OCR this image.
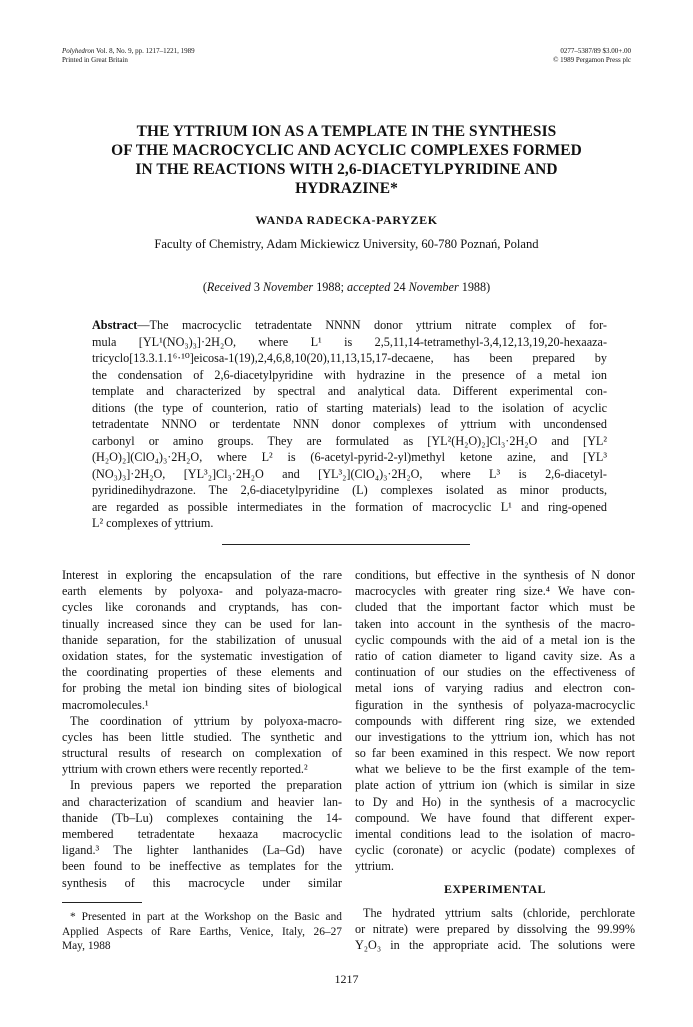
Polyhedron Vol. 8, No. 9, pp. 1217–1221, 1989
Printed in Great Britain
0277–5387/89 $3.00+.00
© 1989 Pergamon Press plc
THE YTTRIUM ION AS A TEMPLATE IN THE SYNTHESIS
OF THE MACROCYCLIC AND ACYCLIC COMPLEXES FORMED
IN THE REACTIONS WITH 2,6-DIACETYLPYRIDINE AND
HYDRAZINE*
WANDA RADECKA-PARYZEK
Faculty of Chemistry, Adam Mickiewicz University, 60-780 Poznań, Poland
(Received 3 November 1988; accepted 24 November 1988)
Abstract—The macrocyclic tetradentate NNNN donor yttrium nitrate complex of for-
mula [YL¹(NO₃)₃]·2H₂O, where L¹ is 2,5,11,14-tetramethyl-3,4,12,13,19,20-hexaaza-
tricyclo[13.3.1.1⁶·¹⁰]eicosa-1(19),2,4,6,8,10(20),11,13,15,17-decaene, has been prepared by
the condensation of 2,6-diacetylpyridine with hydrazine in the presence of a metal ion
template and characterized by spectral and analytical data. Different experimental con-
ditions (the type of counterion, ratio of starting materials) lead to the isolation of acyclic
tetradentate NNNO or terdentate NNN donor complexes of yttrium with uncondensed
carbonyl or amino groups. They are formulated as [YL²(H₂O)₂]Cl₃·2H₂O and [YL²
(H₂O)₂](ClO₄)₃·2H₂O, where L² is (6-acetyl-pyrid-2-yl)methyl ketone azine, and [YL³
(NO₃)₃]·2H₂O, [YL³₂]Cl₃·2H₂O and [YL³₂](ClO₄)₃·2H₂O, where L³ is 2,6-diacetyl-
pyridinedihydrazone. The 2,6-diacetylpyridine (L) complexes isolated as minor products,
are regarded as possible intermediates in the formation of macrocyclic L¹ and ring-opened
L² complexes of yttrium.
Interest in exploring the encapsulation of the rare
earth elements by polyoxa- and polyaza-macro-
cycles like coronands and cryptands, has con-
tinually increased since they can be used for lan-
thanide separation, for the stabilization of unusual
oxidation states, for the systematic investigation of
the coordinating properties of these elements and
for probing the metal ion binding sites of biological
macromolecules.¹
The coordination of yttrium by polyoxa-macro-
cycles has been little studied. The synthetic and
structural results of research on complexation of
yttrium with crown ethers were recently reported.²
In previous papers we reported the preparation
and characterization of scandium and heavier lan-
thanide (Tb–Lu) complexes containing the 14-
membered tetradentate hexaaza macrocyclic
ligand.³ The lighter lanthanides (La–Gd) have
been found to be ineffective as templates for the
synthesis of this macrocycle under similar
conditions, but effective in the synthesis of N donor
macrocycles with greater ring size.⁴ We have con-
cluded that the important factor which must be
taken into account in the synthesis of the macro-
cyclic compounds with the aid of a metal ion is the
ratio of cation diameter to ligand cavity size. As a
continuation of our studies on the effectiveness of
metal ions of varying radius and electron con-
figuration in the synthesis of polyaza-macrocyclic
compounds with different ring size, we extended
our investigations to the yttrium ion, which has not
so far been examined in this respect. We now report
what we believe to be the first example of the tem-
plate action of yttrium ion (which is similar in size
to Dy and Ho) in the synthesis of a macrocyclic
compound. We have found that different exper-
imental conditions lead to the isolation of macro-
cyclic (coronate) or acyclic (podate) complexes of
yttrium.
EXPERIMENTAL
The hydrated yttrium salts (chloride, perchlorate
or nitrate) were prepared by dissolving the 99.99%
Y₂O₃ in the appropriate acid. The solutions were
* Presented in part at the Workshop on the Basic and
Applied Aspects of Rare Earths, Venice, Italy, 26–27
May, 1988
1217
